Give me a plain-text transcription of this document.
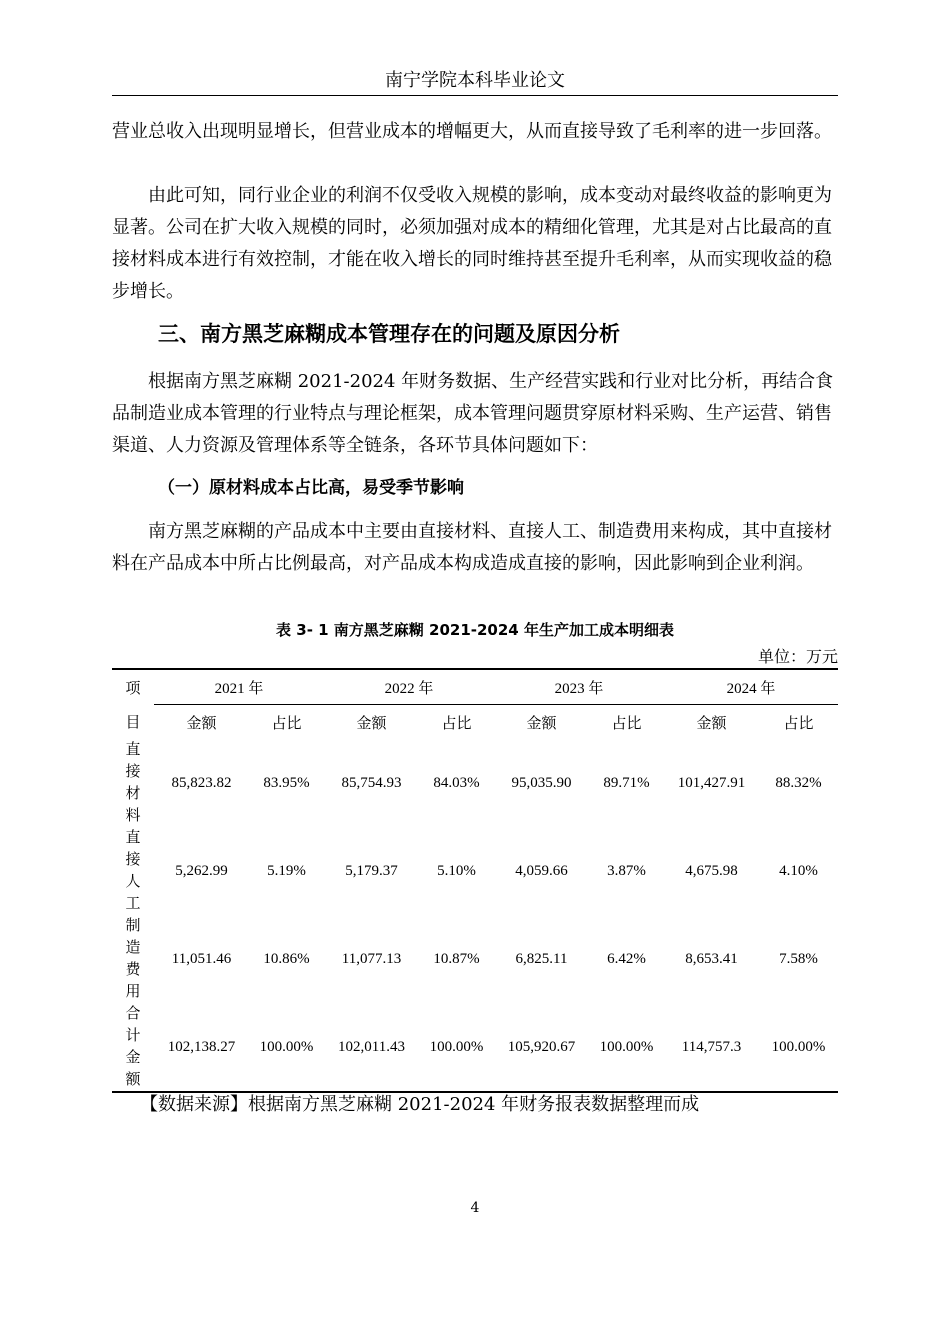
南宁学院本科毕业论文

营业总收入出现明显增长，但营业成本的增幅更大，从而直接导致了毛利率的进一步回落。

由此可知，同行业企业的利润不仅受收入规模的影响，成本变动对最终收益的影响更为显著。公司在扩大收入规模的同时，必须加强对成本的精细化管理，尤其是对占比最高的直接材料成本进行有效控制，才能在收入增长的同时维持甚至提升毛利率，从而实现收益的稳步增长。

三、南方黑芝麻糊成本管理存在的问题及原因分析

根据南方黑芝麻糊 2021-2024 年财务数据、生产经营实践和行业对比分析，再结合食品制造业成本管理的行业特点与理论框架，成本管理问题贯穿原材料采购、生产运营、销售渠道、人力资源及管理体系等全链条，各环节具体问题如下：

（一）原材料成本占比高，易受季节影响

南方黑芝麻糊的产品成本中主要由直接材料、直接人工、制造费用来构成，其中直接材料在产品成本中所占比例最高，对产品成本构成造成直接的影响，因此影响到企业利润。

表 3- 1 南方黑芝麻糊 2021-2024 年生产加工成本明细表
单位：万元
项	2021 年		2022 年		2023 年		2024 年	
目	金额	占比	金额	占比	金额	占比	金额	占比

直
接
材
料	85,823.82	83.95%	85,754.93	84.03%	95,035.90	89.71%	101,427.91	88.32%

直
接
人
工	5,262.99	5.19%	5,179.37	5.10%	4,059.66	3.87%	4,675.98	4.10%

制
造
费
用	11,051.46	10.86%	11,077.13	10.87%	6,825.11	6.42%	8,653.41	7.58%

合
计
金
额	102,138.27	100.00%	102,011.43	100.00%	105,920.67	100.00%	114,757.3	100.00%
【数据来源】根据南方黑芝麻糊 2021-2024 年财务报表数据整理而成
4
